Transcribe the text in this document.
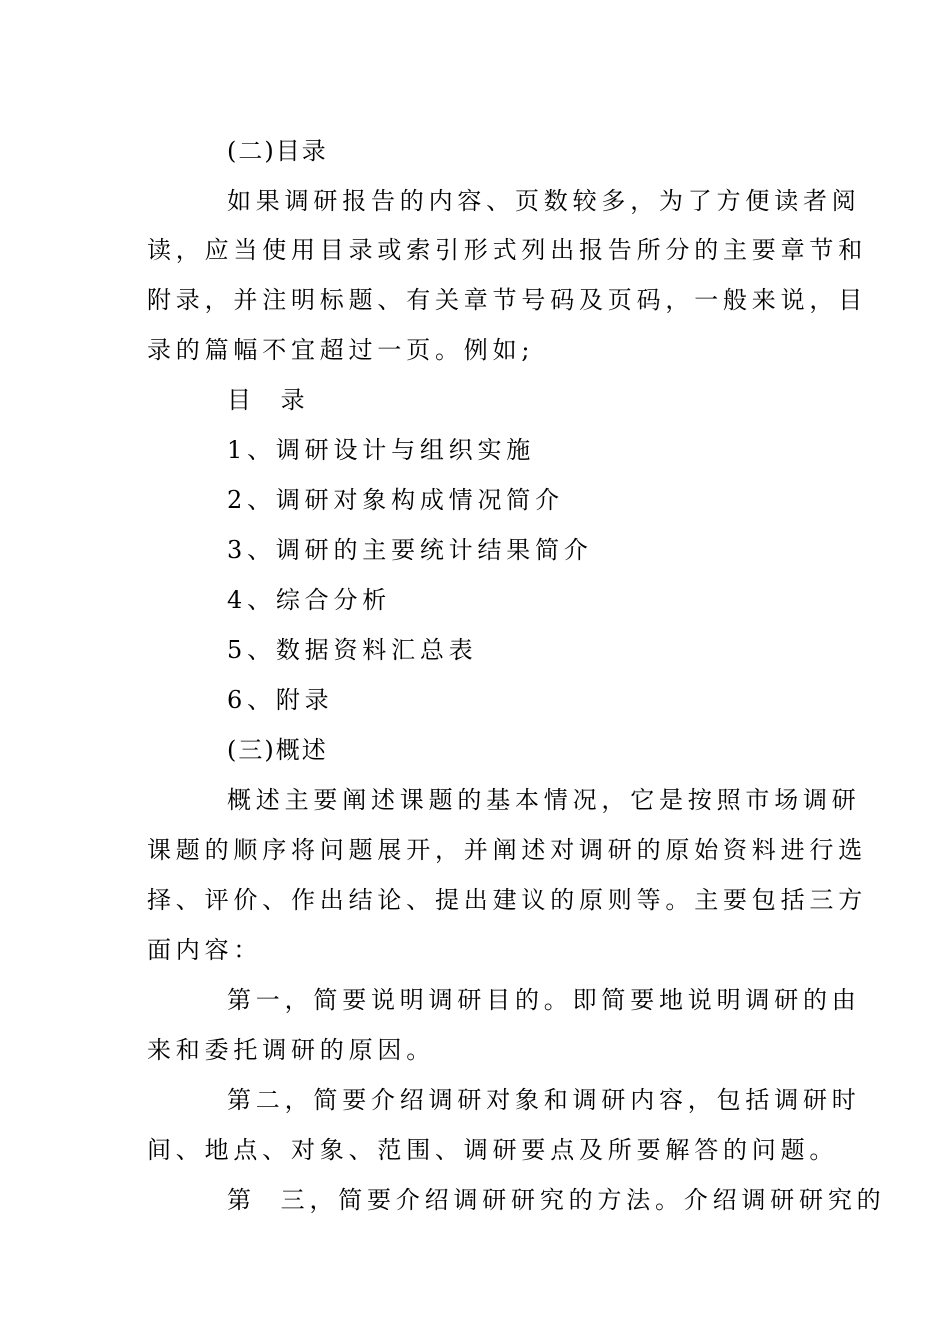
(二)目录
如果调研报告的内容、页数较多，为了方便读者阅
读，应当使用目录或索引形式列出报告所分的主要章节和
附录，并注明标题、有关章节号码及页码，一般来说，目
录的篇幅不宜超过一页。例如;
目  录
1、调研设计与组织实施
2、调研对象构成情况简介
3、调研的主要统计结果简介
4、综合分析
5、数据资料汇总表
6、附录
(三)概述
概述主要阐述课题的基本情况，它是按照市场调研
课题的顺序将问题展开，并阐述对调研的原始资料进行选
择、评价、作出结论、提出建议的原则等。主要包括三方
面内容：
第一，简要说明调研目的。即简要地说明调研的由
来和委托调研的原因。
第二，简要介绍调研对象和调研内容，包括调研时
间、地点、对象、范围、调研要点及所要解答的问题。
第  三，简要介绍调研研究的方法。介绍调研研究的
